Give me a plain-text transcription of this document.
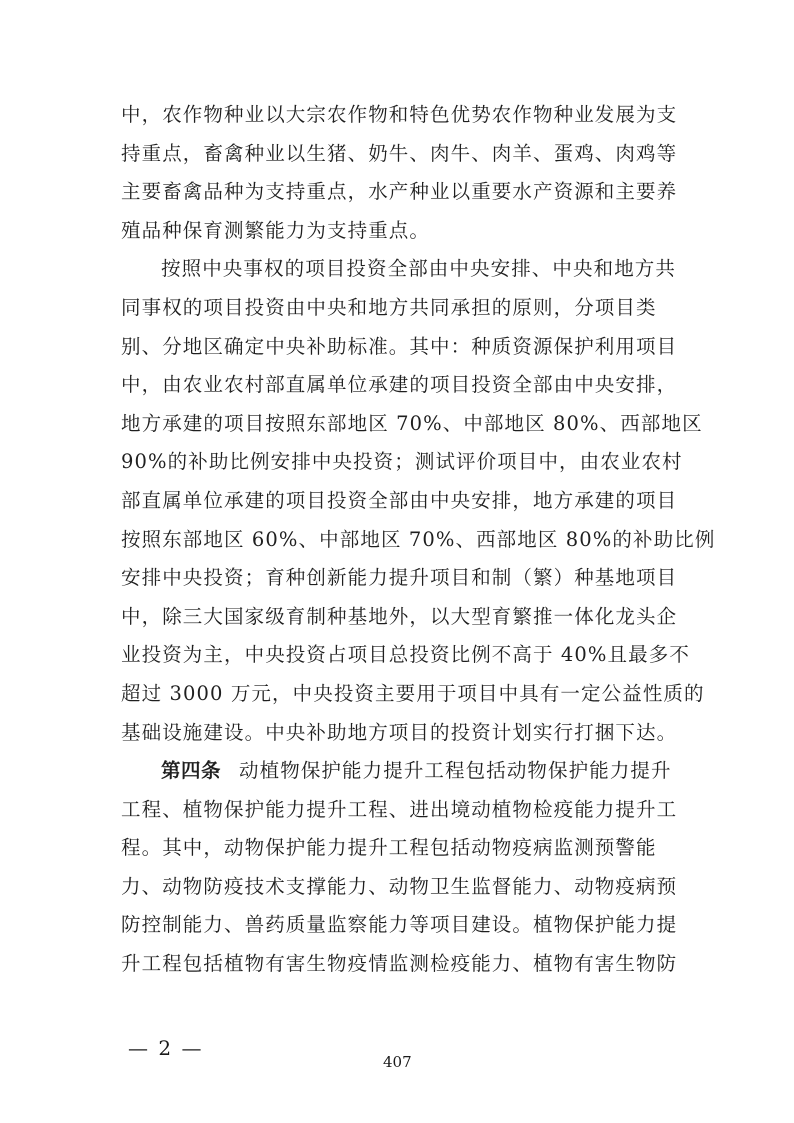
中，农作物种业以大宗农作物和特色优势农作物种业发展为支
持重点，畜禽种业以生猪、奶牛、肉牛、肉羊、蛋鸡、肉鸡等
主要畜禽品种为支持重点，水产种业以重要水产资源和主要养
殖品种保育测繁能力为支持重点。
按照中央事权的项目投资全部由中央安排、中央和地方共
同事权的项目投资由中央和地方共同承担的原则，分项目类
别、分地区确定中央补助标准。其中：种质资源保护利用项目
中，由农业农村部直属单位承建的项目投资全部由中央安排，
地方承建的项目按照东部地区 70%、中部地区 80%、西部地区
90%的补助比例安排中央投资；测试评价项目中，由农业农村
部直属单位承建的项目投资全部由中央安排，地方承建的项目
按照东部地区 60%、中部地区 70%、西部地区 80%的补助比例
安排中央投资；育种创新能力提升项目和制（繁）种基地项目
中，除三大国家级育制种基地外，以大型育繁推一体化龙头企
业投资为主，中央投资占项目总投资比例不高于 40%且最多不
超过 3000 万元，中央投资主要用于项目中具有一定公益性质的
基础设施建设。中央补助地方项目的投资计划实行打捆下达。
第四条 动植物保护能力提升工程包括动物保护能力提升
工程、植物保护能力提升工程、进出境动植物检疫能力提升工
程。其中，动物保护能力提升工程包括动物疫病监测预警能
力、动物防疫技术支撑能力、动物卫生监督能力、动物疫病预
防控制能力、兽药质量监察能力等项目建设。植物保护能力提
升工程包括植物有害生物疫情监测检疫能力、植物有害生物防
— 2 —
407
